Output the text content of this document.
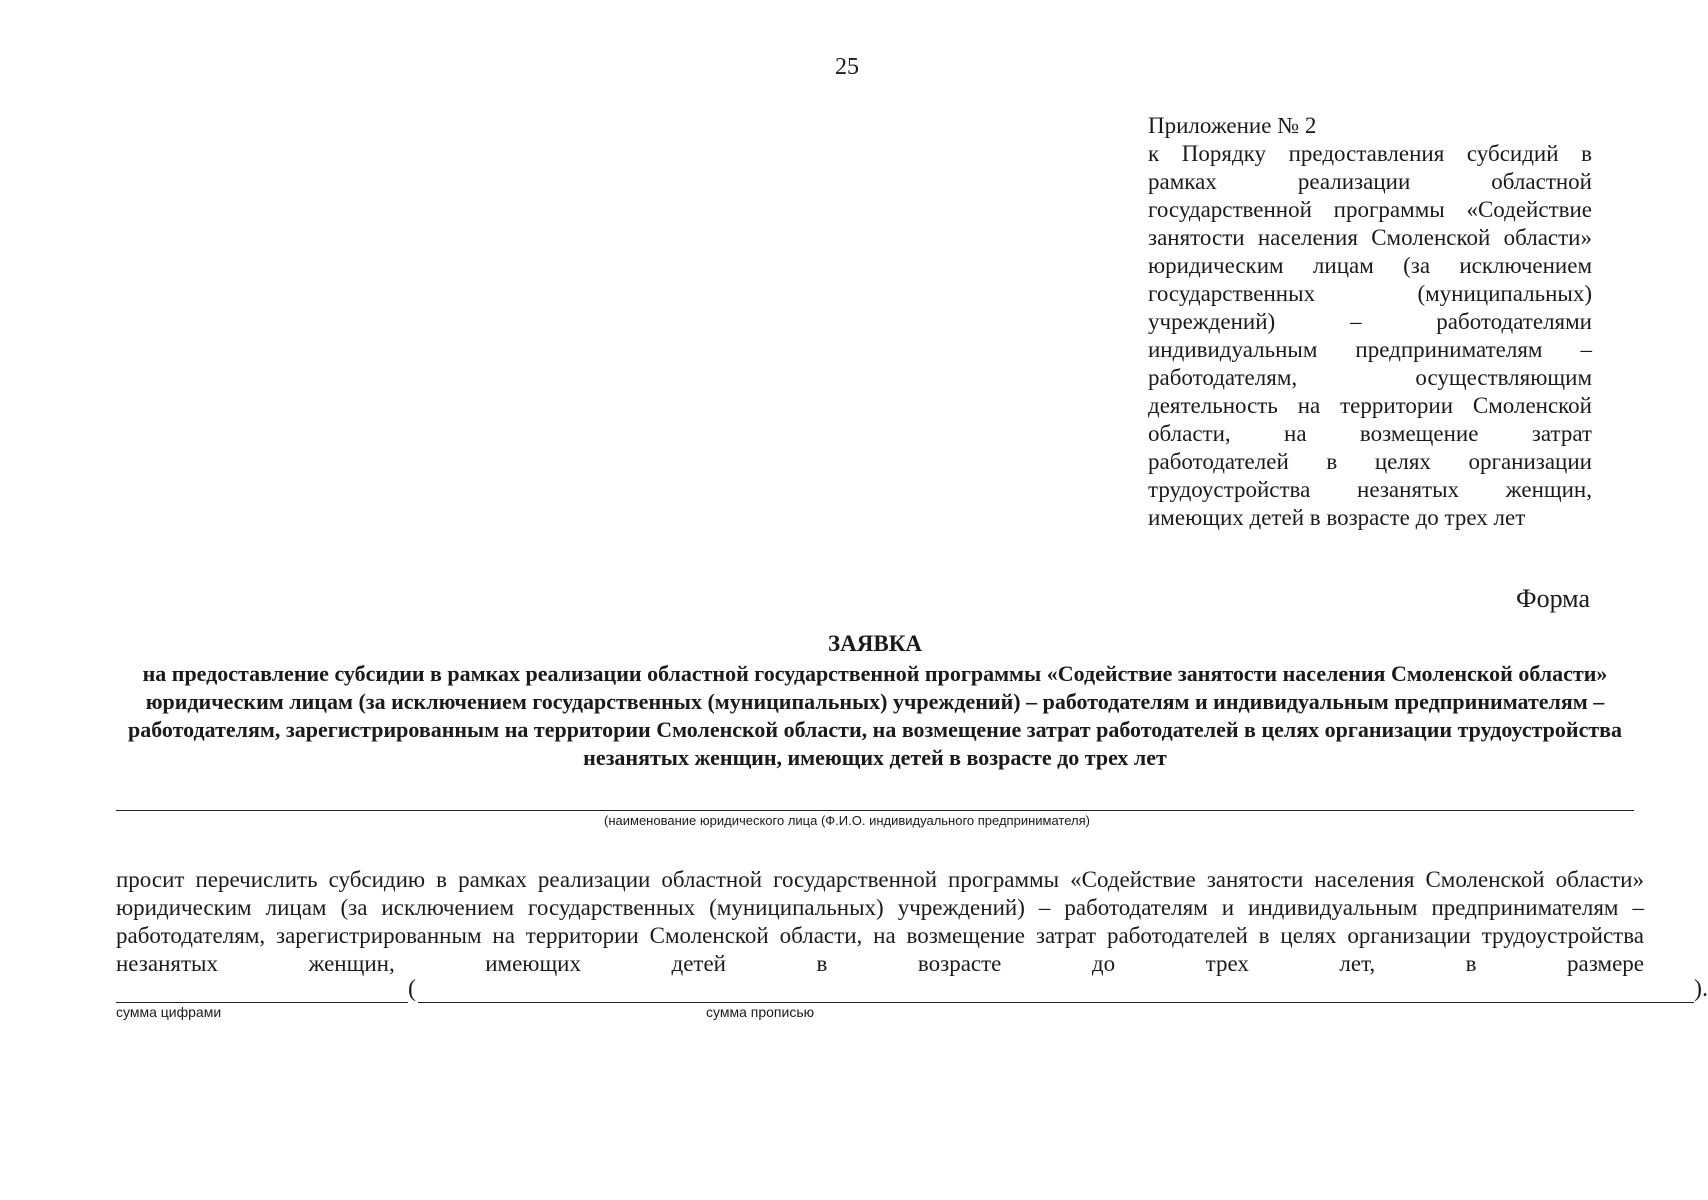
25
Приложение № 2
к Порядку предоставления субсидий в рамках реализации областной государственной программы «Содействие занятости населения Смоленской области» юридическим лицам (за исключением государственных (муниципальных) учреждений) – работодателями индивидуальным предпринимателям – работодателям, осуществляющим деятельность на территории Смоленской области, на возмещение затрат работодателей в целях организации трудоустройства незанятых женщин, имеющих детей в возрасте до трех лет
Форма
ЗАЯВКА
на предоставление субсидии в рамках реализации областной государственной программы «Содействие занятости населения Смоленской области» юридическим лицам (за исключением государственных (муниципальных) учреждений) – работодателям и индивидуальным предпринимателям – работодателям, зарегистрированным на территории Смоленской области, на возмещение затрат работодателей в целях организации трудоустройства незанятых женщин, имеющих детей в возрасте до трех лет
(наименование юридического лица (Ф.И.О. индивидуального предпринимателя)
просит перечислить субсидию в рамках реализации областной государственной программы «Содействие занятости населения Смоленской области» юридическим лицам (за исключением государственных (муниципальных) учреждений) – работодателям и индивидуальным предпринимателям – работодателям, зарегистрированным на территории Смоленской области, на возмещение затрат работодателей в целях организации трудоустройства незанятых женщин, имеющих детей в возрасте до трех лет, в размере
(	).
сумма цифрами	сумма прописью
